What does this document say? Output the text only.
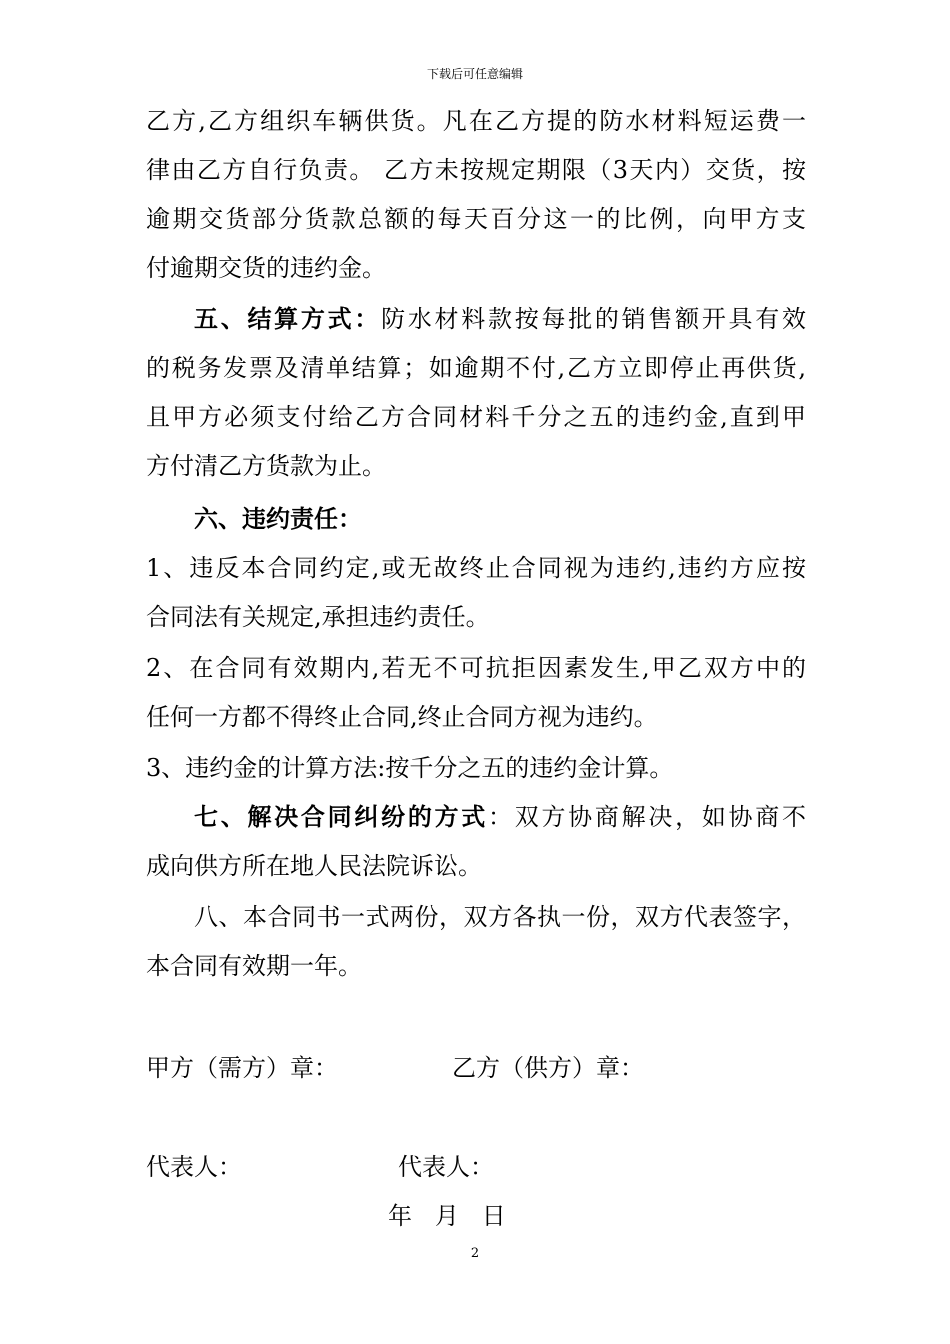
下载后可任意编辑
乙方,乙方组织车辆供货。凡在乙方提的防水材料短运费一
律由乙方自行负责。 乙方未按规定期限（3天内）交货，按
逾期交货部分货款总额的每天百分这一的比例，向甲方支
付逾期交货的违约金。
五、结算方式：防水材料款按每批的销售额开具有效
的税务发票及清单结算；如逾期不付,乙方立即停止再供货,
且甲方必须支付给乙方合同材料千分之五的违约金,直到甲
方付清乙方货款为止。
六、违约责任：
1、违反本合同约定,或无故终止合同视为违约,违约方应按
合同法有关规定,承担违约责任。
2、在合同有效期内,若无不可抗拒因素发生,甲乙双方中的
任何一方都不得终止合同,终止合同方视为违约。
3、违约金的计算方法:按千分之五的违约金计算。
七、解决合同纠纷的方式：双方协商解决，如协商不
成向供方所在地人民法院诉讼。
八、本合同书一式两份，双方各执一份，双方代表签字，
本合同有效期一年。
甲方（需方）章：	乙方（供方）章：
代表人：	代表人：
年   月   日
2
